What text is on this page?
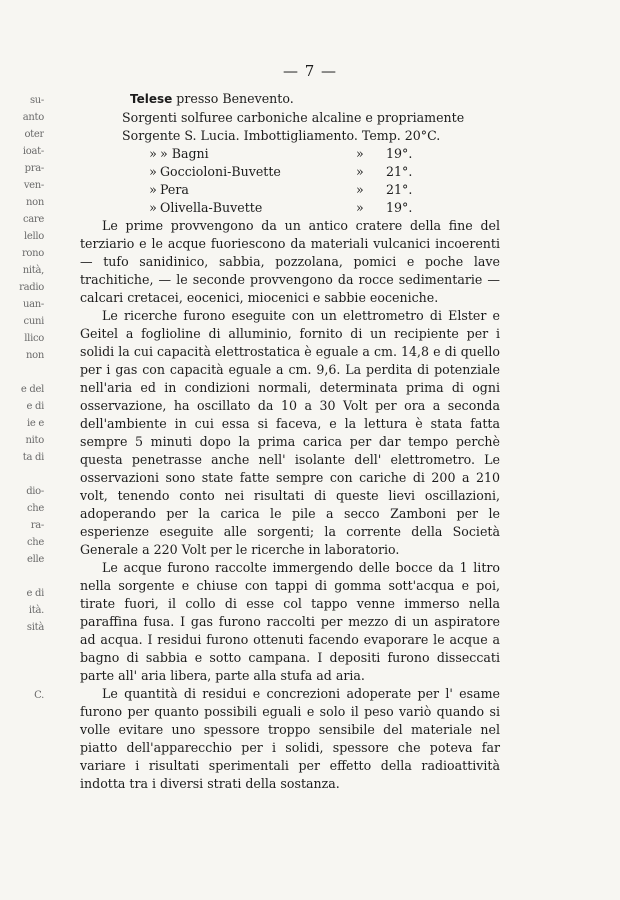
— 7 —
su-
anto
oter
ioat-
pra-
ven-
non
care
lello
rono
nità,
radio
uan-
cuni
llico
non
e del
e di
ie e
nito
ta di
dio-
che
ra-
che
elle
e di
ità.
sità
C.
Telese presso Benevento.
Sorgenti solfuree carboniche alcaline e propriamente
Sorgente S. Lucia. Imbottigliamento. Temp. 20°C.
»	» Bagni	»	19°.
»	Goccioloni-Buvette	»	21°.
»	Pera	»	21°.
»	Olivella-Buvette	»	19°.

Le prime provvengono da un antico cratere della fine del terziario e le acque fuoriescono da materiali vulcanici incoerenti — tufo sanidinico, sabbia, pozzolana, pomici e poche lave trachitiche, — le seconde provvengono da rocce sedimentarie — calcari cretacei, eocenici, miocenici e sabbie eoceniche.

Le ricerche furono eseguite con un elettrometro di Elster e Geitel a foglioline di alluminio, fornito di un recipiente per i solidi la cui capacità elettrostatica è eguale a cm. 14,8 e di quello per i gas con capacità eguale a cm. 9,6. La perdita di potenziale nell'aria ed in condizioni normali, determinata prima di ogni osservazione, ha oscillato da 10 a 30 Volt per ora a seconda dell'ambiente in cui essa si faceva, e la lettura è stata fatta sempre 5 minuti dopo la prima carica per dar tempo perchè questa penetrasse anche nell' isolante dell' elettrometro. Le osservazioni sono state fatte sempre con cariche di 200 a 210 volt, tenendo conto nei risultati di queste lievi oscillazioni, adoperando per la carica le pile a secco Zamboni per le esperienze eseguite alle sorgenti; la corrente della Società Generale a 220 Volt per le ricerche in laboratorio.

Le acque furono raccolte immergendo delle bocce da 1 litro nella sorgente e chiuse con tappi di gomma sott'acqua e poi, tirate fuori, il collo di esse col tappo venne immerso nella paraffina fusa. I gas furono raccolti per mezzo di un aspiratore ad acqua. I residui furono ottenuti facendo evaporare le acque a bagno di sabbia e sotto campana. I depositi furono disseccati parte all' aria libera, parte alla stufa ad aria.

Le quantità di residui e concrezioni adoperate per l' esame furono per quanto possibili eguali e solo il peso variò quando si volle evitare uno spessore troppo sensibile del materiale nel piatto dell'apparecchio per i solidi, spessore che poteva far variare i risultati sperimentali per effetto della radioattività indotta tra i diversi strati della sostanza.
